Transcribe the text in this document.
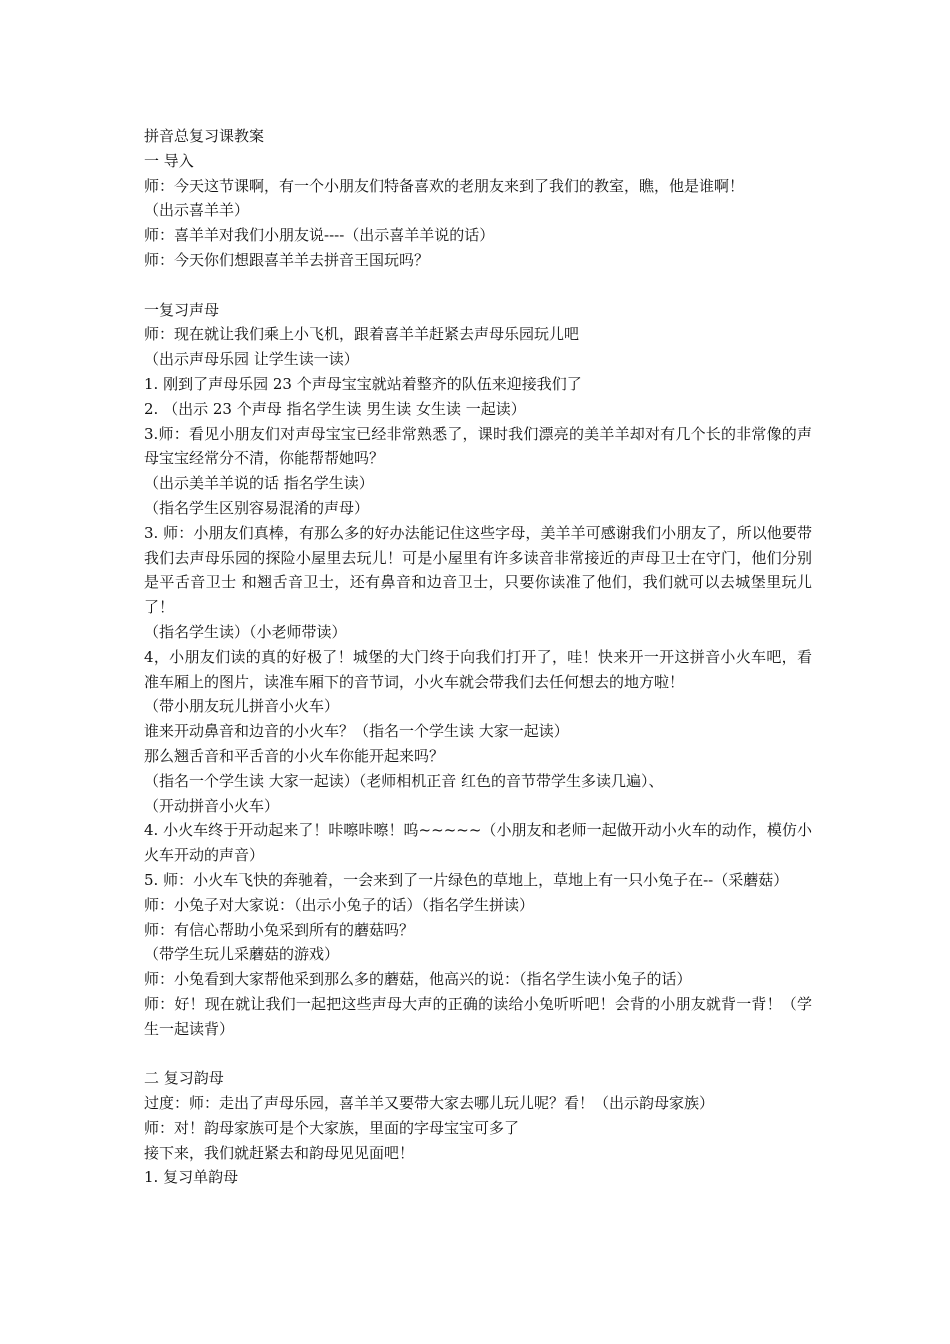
拼音总复习课教案
一 导入
师：今天这节课啊，有一个小朋友们特备喜欢的老朋友来到了我们的教室，瞧，他是谁啊！
（出示喜羊羊）
师：喜羊羊对我们小朋友说----（出示喜羊羊说的话）
师：今天你们想跟喜羊羊去拼音王国玩吗？
一复习声母
师：现在就让我们乘上小飞机，跟着喜羊羊赶紧去声母乐园玩儿吧
（出示声母乐园 让学生读一读）
1. 刚到了声母乐园 23 个声母宝宝就站着整齐的队伍来迎接我们了
2. （出示 23 个声母 指名学生读 男生读 女生读 一起读）
3.师：看见小朋友们对声母宝宝已经非常熟悉了，课时我们漂亮的美羊羊却对有几个长的非常像的声母宝宝经常分不清，你能帮帮她吗？
（出示美羊羊说的话 指名学生读）
（指名学生区别容易混淆的声母）
3. 师：小朋友们真棒，有那么多的好办法能记住这些字母，美羊羊可感谢我们小朋友了，所以他要带我们去声母乐园的探险小屋里去玩儿！可是小屋里有许多读音非常接近的声母卫士在守门，他们分别是平舌音卫士 和翘舌音卫士，还有鼻音和边音卫士，只要你读准了他们，我们就可以去城堡里玩儿了！
（指名学生读）（小老师带读）
4，小朋友们读的真的好极了！城堡的大门终于向我们打开了，哇！快来开一开这拼音小火车吧，看准车厢上的图片，读准车厢下的音节词，小火车就会带我们去任何想去的地方啦！
（带小朋友玩儿拼音小火车）
谁来开动鼻音和边音的小火车？（指名一个学生读 大家一起读）
那么翘舌音和平舌音的小火车你能开起来吗？
（指名一个学生读 大家一起读）（老师相机正音 红色的音节带学生多读几遍）、
（开动拼音小火车）
4. 小火车终于开动起来了！咔嚓咔嚓！呜~~~~~（小朋友和老师一起做开动小火车的动作，模仿小火车开动的声音）
5. 师：小火车飞快的奔驰着，一会来到了一片绿色的草地上，草地上有一只小兔子在--（采蘑菇）
师：小兔子对大家说：（出示小兔子的话）（指名学生拼读）
师：有信心帮助小兔采到所有的蘑菇吗？
（带学生玩儿采蘑菇的游戏）
师：小兔看到大家帮他采到那么多的蘑菇，他高兴的说：（指名学生读小兔子的话）
师：好！现在就让我们一起把这些声母大声的正确的读给小兔听听吧！会背的小朋友就背一背！（学生一起读背）
二 复习韵母
过度：师：走出了声母乐园，喜羊羊又要带大家去哪儿玩儿呢？看！（出示韵母家族）
师：对！韵母家族可是个大家族，里面的字母宝宝可多了
接下来，我们就赶紧去和韵母见见面吧！
1. 复习单韵母
